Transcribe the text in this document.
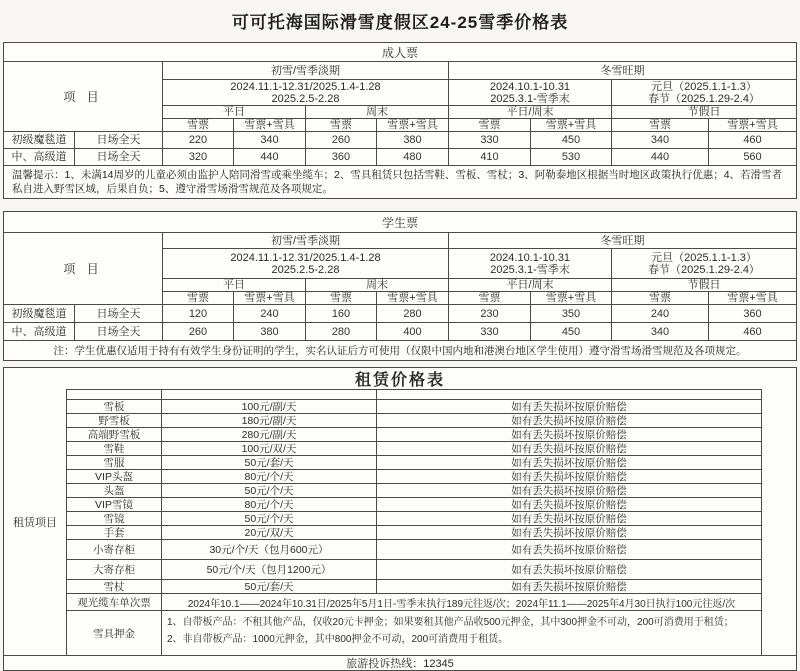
可可托海国际滑雪度假区24-25雪季价格表
成人票
项 目
初雪/雪季淡期	冬雪旺期
2024.11.1-12.31/2025.1.4-1.28
2025.2.5-2.28
2024.10.1-10.31
2025.3.1-雪季末
元旦（2025.1.1-1.3）
春节（2025.1.29-2.4）
平日	周末	平日/周末	节假日
雪票	雪票+雪具	雪票	雪票+雪具	雪票	雪票+雪具	雪票	雪票+雪具
初级魔毯道	日场全天	220	340	260	380	330	450	340	460
中、高级道	日场全天	320	440	360	480	410	530	440	560
温馨提示：1、未满14周岁的儿童必须由监护人陪同滑雪或乘坐缆车；2、雪具租赁只包括雪鞋、雪板、雪杖；3、阿勒泰地区根据当时地区政策执行优惠；4、若滑雪者私自进入野雪区域，后果自负；5、遵守滑雪场滑雪规范及各项规定。
学生票
项 目
初雪/雪季淡期	冬雪旺期
2024.11.1-12.31/2025.1.4-1.28
2025.2.5-2.28
2024.10.1-10.31
2025.3.1-雪季末
元旦（2025.1.1-1.3）
春节（2025.1.29-2.4）
平日	周末	平日/周末	节假日
雪票	雪票+雪具	雪票	雪票+雪具	雪票	雪票+雪具	雪票	雪票+雪具
初级魔毯道	日场全天	120	240	160	280	230	350	240	360
中、高级道	日场全天	260	380	280	400	330	450	340	460
注：学生优惠仅适用于持有有效学生身份证明的学生，实名认证后方可使用（仅限中国内地和港澳台地区学生使用）遵守滑雪场滑雪规范及各项规定。
租赁价格表
租赁项目
雪板	100元/副/天	如有丢失损坏按原价赔偿
野雪板	180元/副/天	如有丢失损坏按原价赔偿
高端野雪板	280元/副/天	如有丢失损坏按原价赔偿
雪鞋	100元/双/天	如有丢失损坏按原价赔偿
雪服	50元/套/天	如有丢失损坏按原价赔偿
VIP头盔	80元/个/天	如有丢失损坏按原价赔偿
头盔	50元/个/天	如有丢失损坏按原价赔偿
VIP雪镜	80元/个/天	如有丢失损坏按原价赔偿
雪镜	50元/个/天	如有丢失损坏按原价赔偿
手套	20元/双/天	如有丢失损坏按原价赔偿
小寄存柜	30元/个/天（包月600元）	如有丢失损坏按原价赔偿
大寄存柜	50元/个/天（包月1200元）	如有丢失损坏按原价赔偿
雪杖	50元/套/天	如有丢失损坏按原价赔偿
观光缆车单次票	2024年10.1——2024年10.31日/2025年5月1日-雪季末执行189元往返/次；2024年11.1——2025年4月30日执行100元往返/次
雪具押金
1、自带板产品：不租其他产品，仅收20元卡押金；如果要租其他产品收500元押金，其中300押金不可动，200可消费用于租赁；
2、非自带板产品：1000元押金，其中800押金不可动，200可消费用于租赁。
旅游投诉热线：12345
